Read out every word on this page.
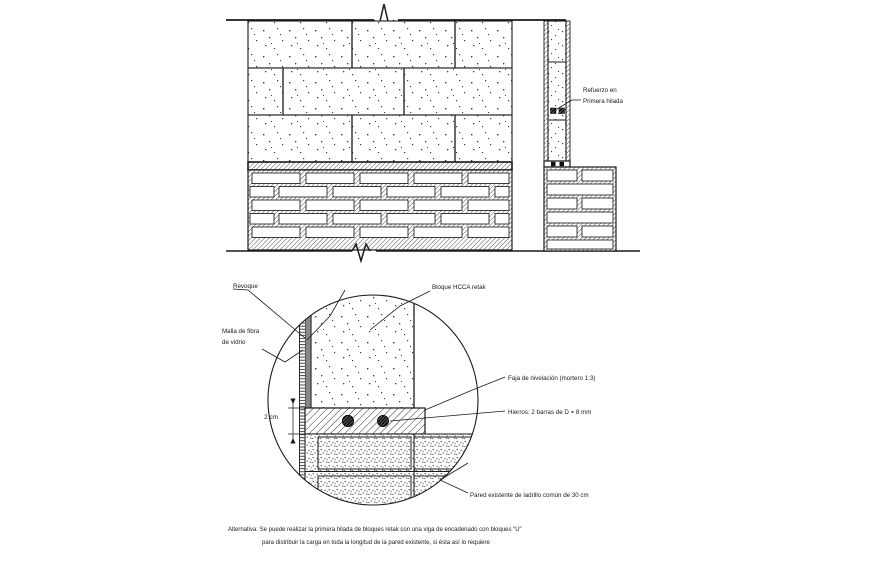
Refuerzo en
Primera hilada
2 cm
Revoque
Malla de fibra
de vidrio
Bloque HCCA retak
Faja de nivelación (mortero 1:3)
Hierros: 2 barras de D = 8 mm
Pared existente de ladrillo común de 30 cm
Alternativa: Se puede realizar la primera hilada de bloques retak con una viga de encadenado con bloques “U”
para distribuir la carga en toda la longitud de la pared existente, si ésta así lo requiere
